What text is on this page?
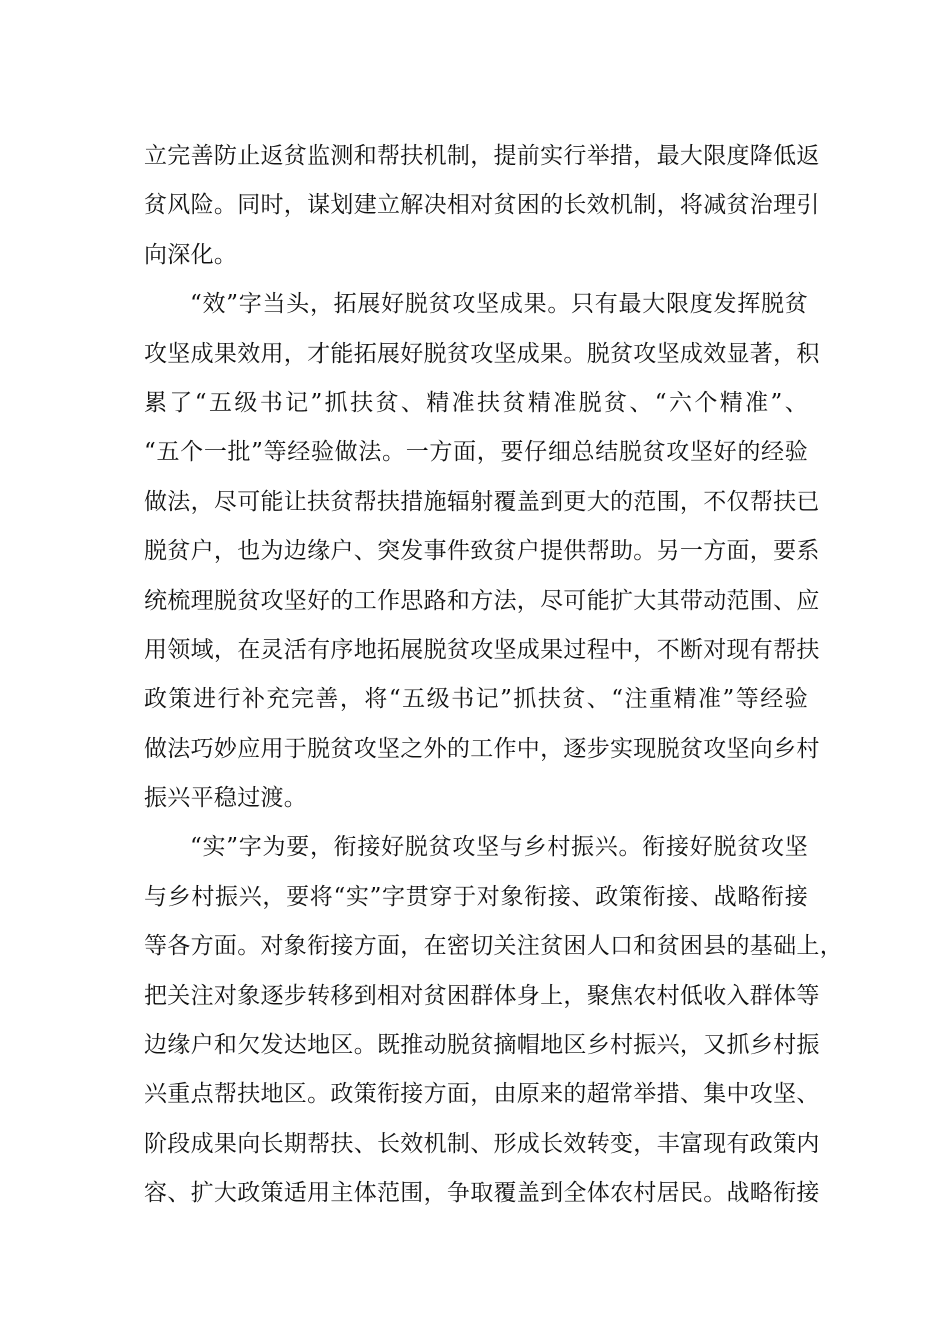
立完善防止返贫监测和帮扶机制，提前实行举措，最大限度降低返
贫风险。同时，谋划建立解决相对贫困的长效机制，将减贫治理引
向深化。
“效”字当头，拓展好脱贫攻坚成果。只有最大限度发挥脱贫
攻坚成果效用，才能拓展好脱贫攻坚成果。脱贫攻坚成效显著，积
累了“五级书记”抓扶贫、精准扶贫精准脱贫、“六个精准”、
“五个一批”等经验做法。一方面，要仔细总结脱贫攻坚好的经验
做法，尽可能让扶贫帮扶措施辐射覆盖到更大的范围，不仅帮扶已
脱贫户，也为边缘户、突发事件致贫户提供帮助。另一方面，要系
统梳理脱贫攻坚好的工作思路和方法，尽可能扩大其带动范围、应
用领域，在灵活有序地拓展脱贫攻坚成果过程中，不断对现有帮扶
政策进行补充完善，将“五级书记”抓扶贫、“注重精准”等经验
做法巧妙应用于脱贫攻坚之外的工作中，逐步实现脱贫攻坚向乡村
振兴平稳过渡。
“实”字为要，衔接好脱贫攻坚与乡村振兴。衔接好脱贫攻坚
与乡村振兴，要将“实”字贯穿于对象衔接、政策衔接、战略衔接
等各方面。对象衔接方面，在密切关注贫困人口和贫困县的基础上，
把关注对象逐步转移到相对贫困群体身上，聚焦农村低收入群体等
边缘户和欠发达地区。既推动脱贫摘帽地区乡村振兴，又抓乡村振
兴重点帮扶地区。政策衔接方面，由原来的超常举措、集中攻坚、
阶段成果向长期帮扶、长效机制、形成长效转变，丰富现有政策内
容、扩大政策适用主体范围，争取覆盖到全体农村居民。战略衔接
